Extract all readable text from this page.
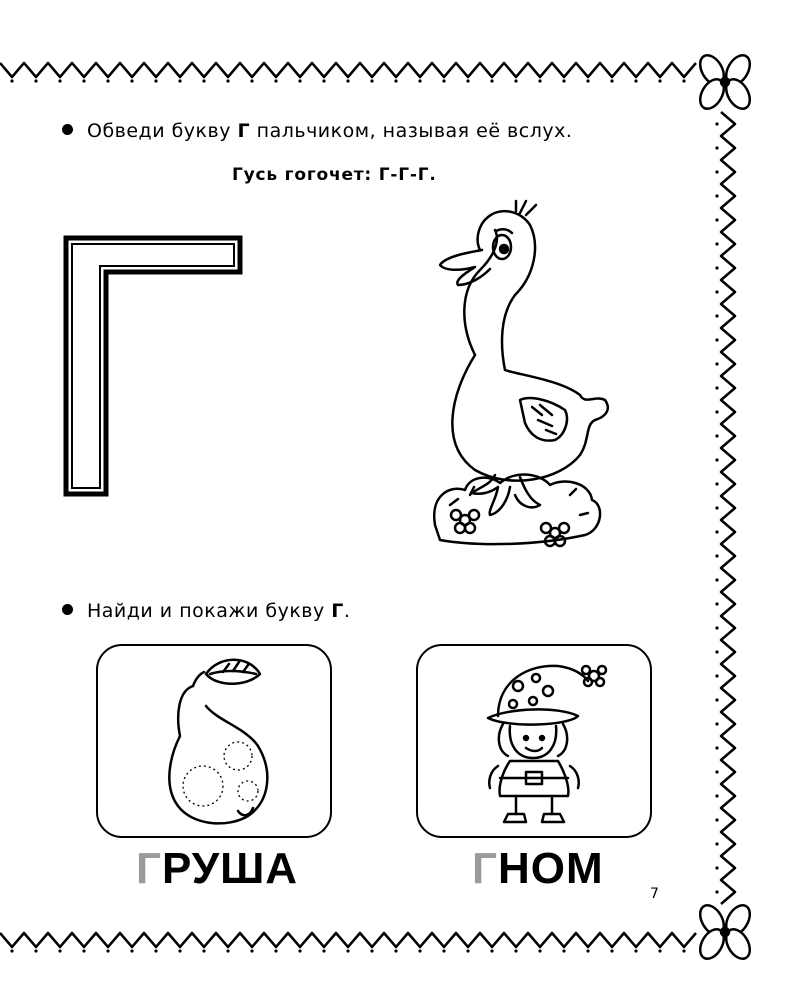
Обведи букву Г пальчиком, называя её вслух.
Гусь гогочет: Г-Г-Г.
Найди и покажи букву Г.
ГРУША	ГНОМ
7
